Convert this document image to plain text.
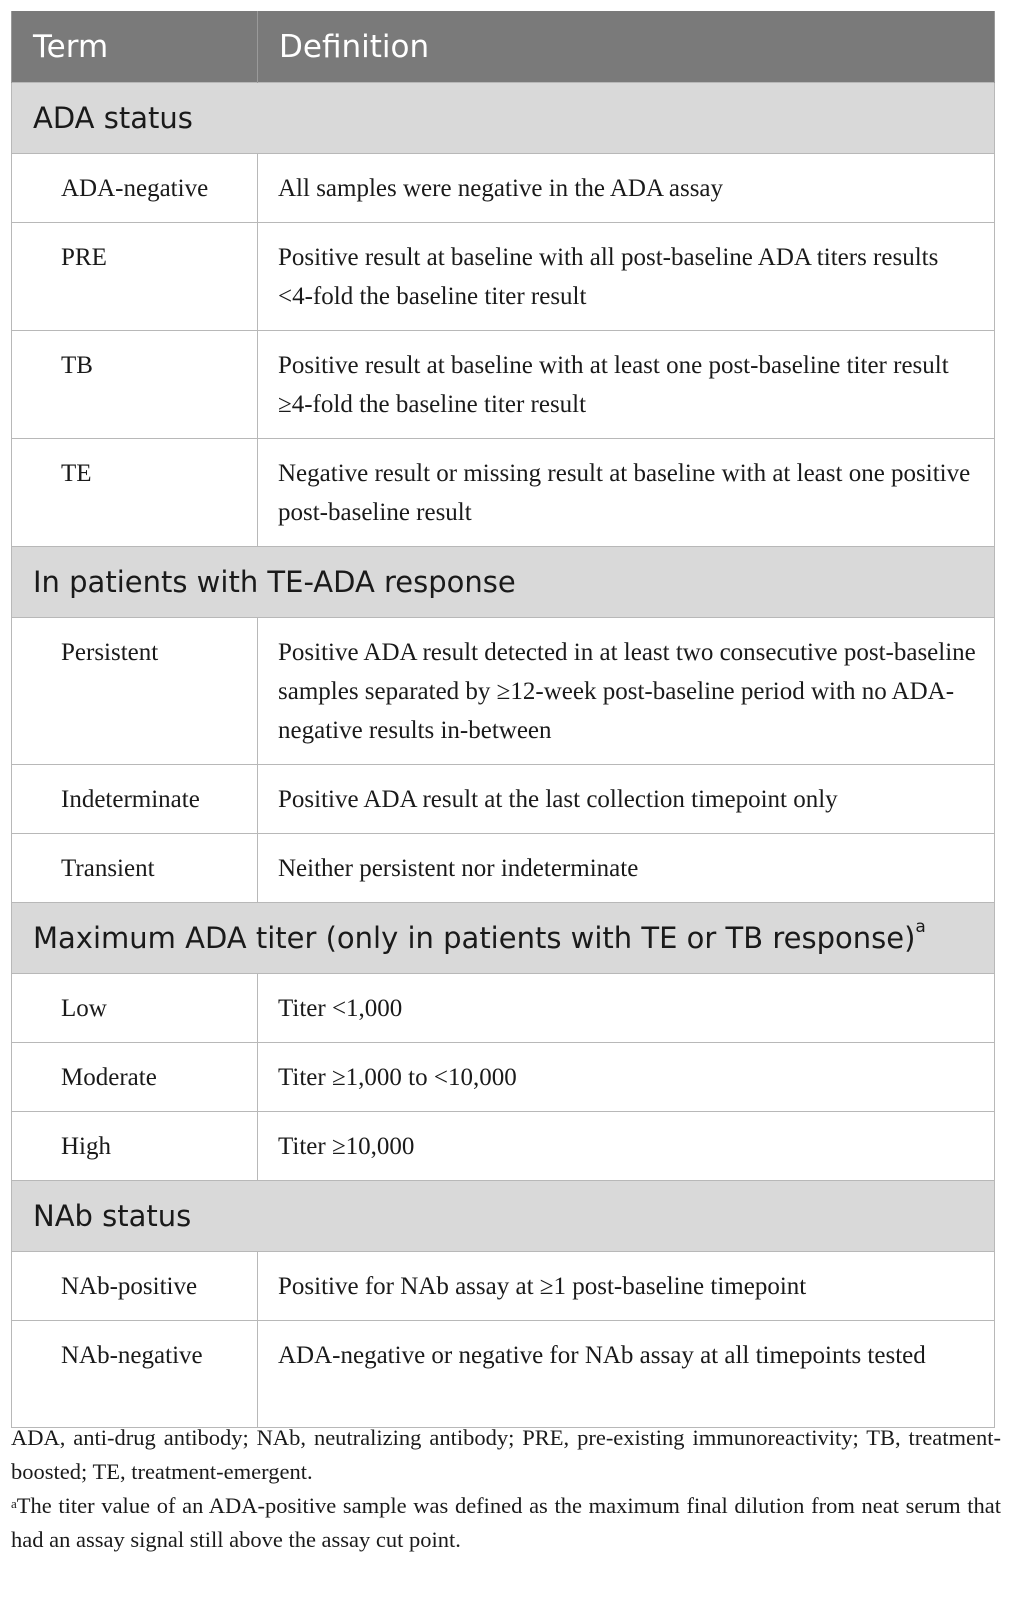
Term	Definition
ADA status	
ADA-negative	All samples were negative in the ADA assay
PRE	Positive result at baseline with all post-baseline ADA titers results <4-fold the baseline titer result
TB	Positive result at baseline with at least one post-baseline titer result ≥4-fold the baseline titer result
TE	Negative result or missing result at baseline with at least one positive post-baseline result
In patients with TE-ADA response	
Persistent	Positive ADA result detected in at least two consecutive post-baseline samples separated by ≥12-week post-baseline period with no ADA-negative results in-between
Indeterminate	Positive ADA result at the last collection timepoint only
Transient	Neither persistent nor indeterminate
Maximum ADA titer (only in patients with TE or TB response)$^a$
Low	Titer <1,000
Moderate	Titer ≥1,000 to <10,000
High	Titer ≥10,000
NAb status	
NAb-positive	Positive for NAb assay at ≥1 post-baseline timepoint
NAb-negative	ADA-negative or negative for NAb assay at all timepoints tested

ADA, anti-drug antibody; NAb, neutralizing antibody; PRE, pre-existing immunoreactivity; TB, treatment-boosted; TE, treatment-emergent.

$^a$The titer value of an ADA-positive sample was defined as the maximum final dilution from neat serum that had an assay signal still above the assay cut point.
